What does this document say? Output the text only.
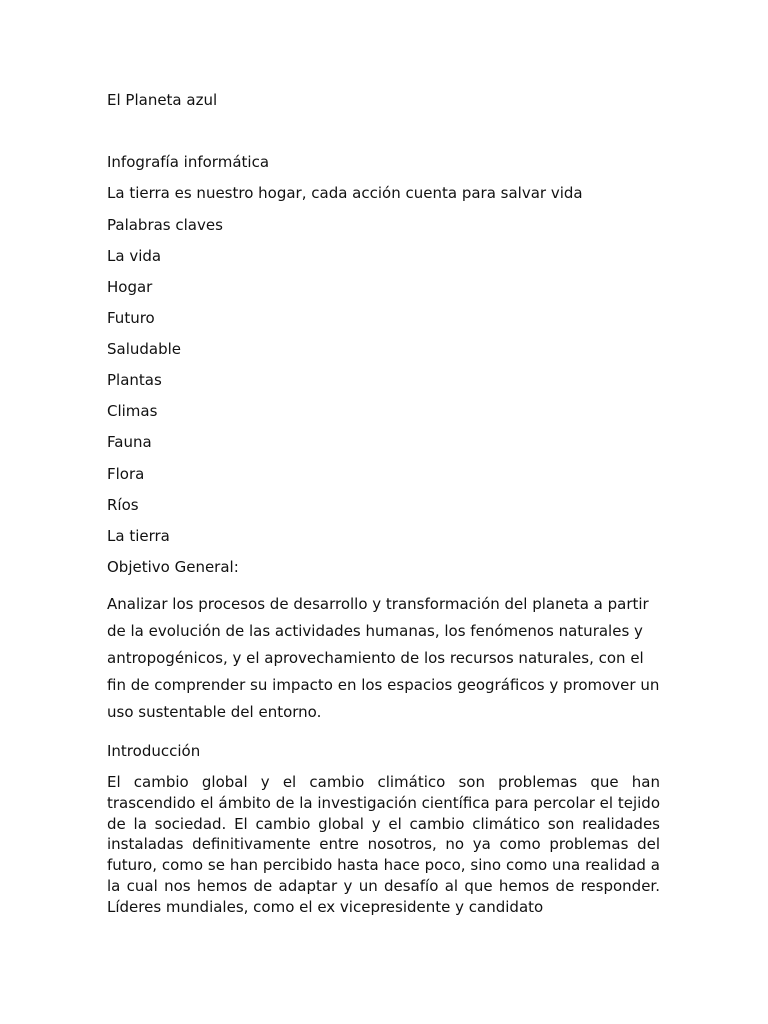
El Planeta azul
Infografía informática
La tierra es nuestro hogar, cada acción cuenta para salvar vida
Palabras claves
La vida
Hogar
Futuro
Saludable
Plantas
Climas
Fauna
Flora
Ríos
La tierra
Objetivo General:

Analizar los procesos de desarrollo y transformación del planeta a partir de la evolución de las actividades humanas, los fenómenos naturales y antropogénicos, y el aprovechamiento de los recursos naturales, con el fin de comprender su impacto en los espacios geográficos y promover un uso sustentable del entorno.

Introducción

El cambio global y el cambio climático son problemas que han trascendido el ámbito de la investigación científica para percolar el tejido de la sociedad. El cambio global y el cambio climático son realidades instaladas definitivamente entre nosotros, no ya como problemas del futuro, como se han percibido hasta hace poco, sino como una realidad a la cual nos hemos de adaptar y un desafío al que hemos de responder. Líderes mundiales, como el ex vicepresidente y candidato
